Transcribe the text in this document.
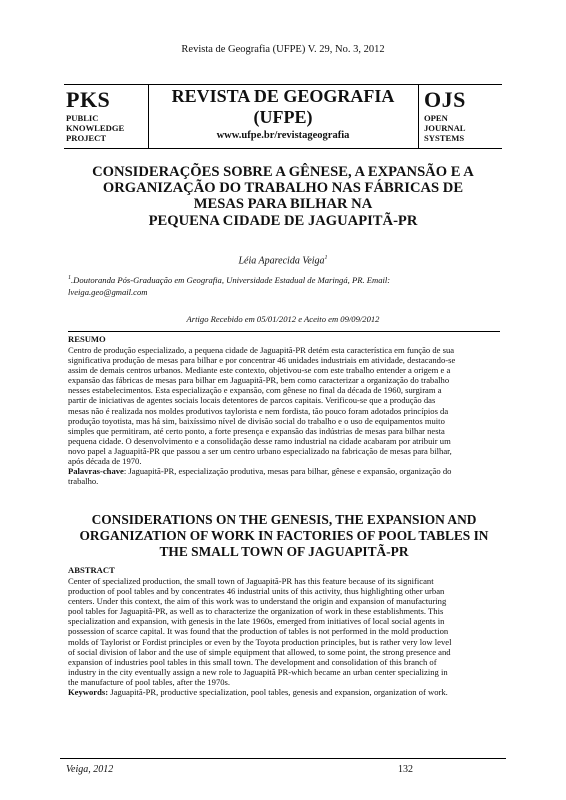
Revista de Geografia (UFPE) V. 29, No. 3, 2012
PKS
PUBLIC
KNOWLEDGE
PROJECT
REVISTA DE GEOGRAFIA
(UFPE)
www.ufpe.br/revistageografia
OJS
OPEN
JOURNAL
SYSTEMS
CONSIDERAÇÕES SOBRE A GÊNESE, A EXPANSÃO E A
ORGANIZAÇÃO DO TRABALHO NAS FÁBRICAS DE
MESAS PARA BILHAR NA
PEQUENA CIDADE DE JAGUAPITÃ-PR
Léia Aparecida Veiga$^1$
$^1$.Doutoranda Pós-Graduação em Geografia, Universidade Estadual de Maringá, PR. Email:
lveiga.geo@gmail.com
Artigo Recebido em 05/01/2012 e Aceito em 09/09/2012
RESUMO
Centro de produção especializado, a pequena cidade de Jaguapitã-PR detém esta característica em função de sua
significativa produção de mesas para bilhar e por concentrar 46 unidades industriais em atividade, destacando-se
assim de demais centros urbanos. Mediante este contexto, objetivou-se com este trabalho entender a origem e a
expansão das fábricas de mesas para bilhar em Jaguapitã-PR, bem como caracterizar a organização do trabalho
nesses estabelecimentos. Esta especialização e expansão, com gênese no final da década de 1960, surgiram a
partir de iniciativas de agentes sociais locais detentores de parcos capitais. Verificou-se que a produção das
mesas não é realizada nos moldes produtivos taylorista e nem fordista, tão pouco foram adotados princípios da
produção toyotista, mas há sim, baixíssimo nível de divisão social do trabalho e o uso de equipamentos muito
simples que permitiram, até certo ponto, a forte presença e expansão das indústrias de mesas para bilhar nesta
pequena cidade. O desenvolvimento e a consolidação desse ramo industrial na cidade acabaram por atribuir um
novo papel a Jaguapitã-PR que passou a ser um centro urbano especializado na fabricação de mesas para bilhar,
após década de 1970.
Palavras-chave: Jaguapitã-PR, especialização produtiva, mesas para bilhar, gênese e expansão, organização do
trabalho.
CONSIDERATIONS ON THE GENESIS, THE EXPANSION AND
ORGANIZATION OF WORK IN FACTORIES OF POOL TABLES IN
THE SMALL TOWN OF JAGUAPITÃ-PR
ABSTRACT
Center of specialized production, the small town of Jaguapitã-PR has this feature because of its significant
production of pool tables and by concentrates 46 industrial units of this activity, thus highlighting other urban
centers. Under this context, the aim of this work was to understand the origin and expansion of manufacturing
pool tables for Jaguapitã-PR, as well as to characterize the organization of work in these establishments. This
specialization and expansion, with genesis in the late 1960s, emerged from initiatives of local social agents in
possession of scarce capital. It was found that the production of tables is not performed in the mold production
molds of Taylorist or Fordist principles or even by the Toyota production principles, but is rather very low level
of social division of labor and the use of simple equipment that allowed, to some point, the strong presence and
expansion of industries pool tables in this small town. The development and consolidation of this branch of
industry in the city eventually assign a new role to Jaguapitã PR-which became an urban center specializing in
the manufacture of pool tables, after the 1970s.
Keywords: Jaguapitã-PR, productive specialization, pool tables, genesis and expansion, organization of work.
Veiga, 2012	132
